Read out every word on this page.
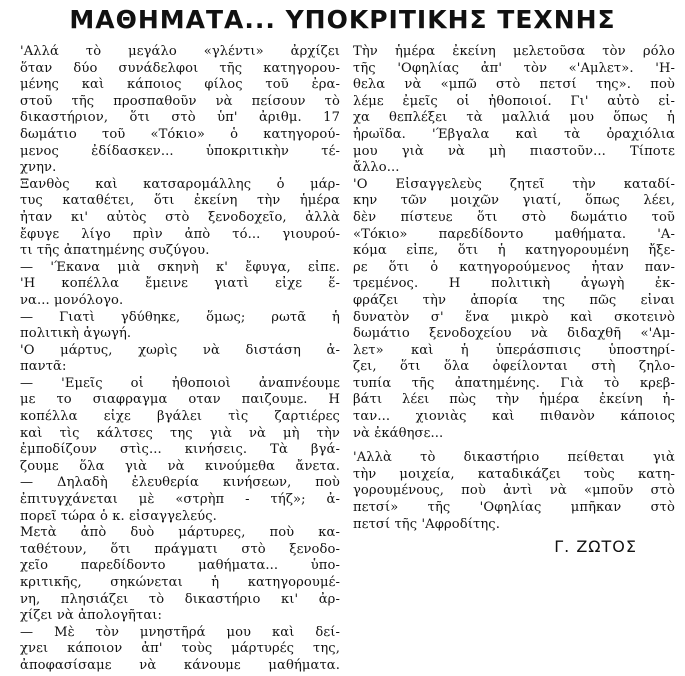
ΜΑΘΗΜΑΤΑ... ΥΠΟΚΡΙΤΙΚΗΣ ΤΕΧΝΗΣ
'Αλλά τὸ μεγάλο «γλέντι» ἀρχίζει
ὅταν δύο συνάδελφοι τῆς κατηγορου-
μένης καὶ κάποιος φίλος τοῦ ἐρα-
στοῦ τῆς προσπαθοῦν νὰ πείσουν τὸ
δικαστήριον, ὅτι στὸ ὑπ' ἀριθμ. 17
δωμάτιο τοῦ «Τόκιο» ὁ κατηγορού-
μενος ἐδίδασκεν... ὑποκριτικὴν τέ-
χνην.
Ξανθὸς καὶ κατσαρομάλλης ὁ μάρ-
τυς καταθέτει, ὅτι ἐκείνη τὴν ἡμέρα
ἦταν κι' αὐτὸς στὸ ξενοδοχεῖο, ἀλλὰ
ἔφυγε λίγο πρὶν ἀπὸ τό... γιουρού-
τι τῆς ἀπατημένης συζύγου.
— 'Έκανα μιὰ σκηνὴ κ' ἔφυγα, εἶπε.
'Η κοπέλλα ἔμεινε γιατὶ εἶχε ἕ-
να... μονόλογο.
— Γιατὶ γδύθηκε, ὅμως; ρωτᾶ ἡ
πολιτικὴ ἀγωγή.
'Ο μάρτυς, χωρὶς νὰ διστάση ἀ-
παντᾶ:
— 'Εμεῖς οἱ ἠθοποιοὶ ἀναπνέουμε
με το σιαφραγμα οταν παιζουμε. Η
κοπέλλα εἶχε βγάλει τὶς ζαρτιέρες
καὶ τὶς κάλτσες της γιὰ νὰ μὴ τὴν
ἐμποδίζουν στὶς... κινήσεις. Τὰ βγά-
ζουμε ὅλα γιὰ νὰ κινούμεθα ἄνετα.
— Δηλαδὴ ἐλευθερία κινήσεων, ποὺ
ἐπιτυγχάνεται μὲ «στρὴπ - τήζ»; ἀ-
πορεῖ τώρα ὁ κ. εἰσαγγελεύς.
Μετὰ ἀπὸ δυὸ μάρτυρες, ποὺ κα-
ταθέτουν, ὅτι πράγματι στὸ ξενοδο-
χεῖο παρεδίδοντο μαθήματα... ὑπο-
κριτικῆς, σηκώνεται ἡ κατηγορουμέ-
νη, πλησιάζει τὸ δικαστήριο κι' ἀρ-
χίζει νὰ ἀπολογῆται:
— Μὲ τὸν μνηστῆρά μου καὶ δεί-
χνει κάποιον ἀπ' τοὺς μάρτυρές της,
ἀποφασίσαμε νὰ κάνουμε μαθήματα.
Τὴν ἡμέρα ἐκείνη μελετοῦσα τὸν ρόλο
τῆς 'Οφηλίας ἀπ' τὸν «'Αμλετ». 'Η-
θελα νὰ «μπῶ στὸ πετσί της». ποὺ
λέμε ἐμεῖς οἱ ἠθοποιοί. Γι' αὐτὸ εἶ-
χα θεπλέξει τὰ μαλλιά μου ὅπως ἡ
ἠρωΐδα. 'Έβγαλα καὶ τὰ ὀραχιόλια
μου γιὰ νὰ μὴ πιαστοῦν... Τίποτε
ἄλλο...
'Ο Εἰσαγγελεὺς ζητεῖ τὴν καταδί-
κην τῶν μοιχῶν γιατί, ὅπως λέει,
δὲν πίστευε ὅτι στὸ δωμάτιο τοῦ
«Τόκιο» παρεδίδοντο μαθήματα. 'Α-
κόμα εἶπε, ὅτι ἡ κατηγορουμένη ἤξε-
ρε ὅτι ὁ κατηγορούμενος ἦταν παν-
τρεμένος. Η πολιτικὴ ἀγωγὴ ἐκ-
φράζει τὴν ἀπορία της πῶς εἶναι
δυνατὸν σ' ἕνα μικρὸ καὶ σκοτεινὸ
δωμάτιο ξενοδοχείου νὰ διδαχθῆ «'Αμ-
λετ» καὶ ἡ ὑπεράσπισις ὑποστηρί-
ζει, ὅτι ὅλα ὀφείλονται στὴ ζηλο-
τυπία τῆς ἀπατημένης. Γιὰ τὸ κρεβ-
βάτι λέει πὼς τὴν ἡμέρα ἐκείνη ἦ-
ταν... χιονιὰς καὶ πιθανὸν κάποιος
νὰ ἐκάθησε...
'Αλλὰ τὸ δικαστήριο πείθεται γιὰ
τὴν μοιχεία, καταδικάζει τοὺς κατη-
γορουμένους, ποὺ ἀντὶ νὰ «μποῦν στὸ
πετσί» τῆς 'Οφηλίας μπῆκαν στὸ
πετσί τῆς 'Αφροδίτης.
Γ. ΖΩΤΟΣ
